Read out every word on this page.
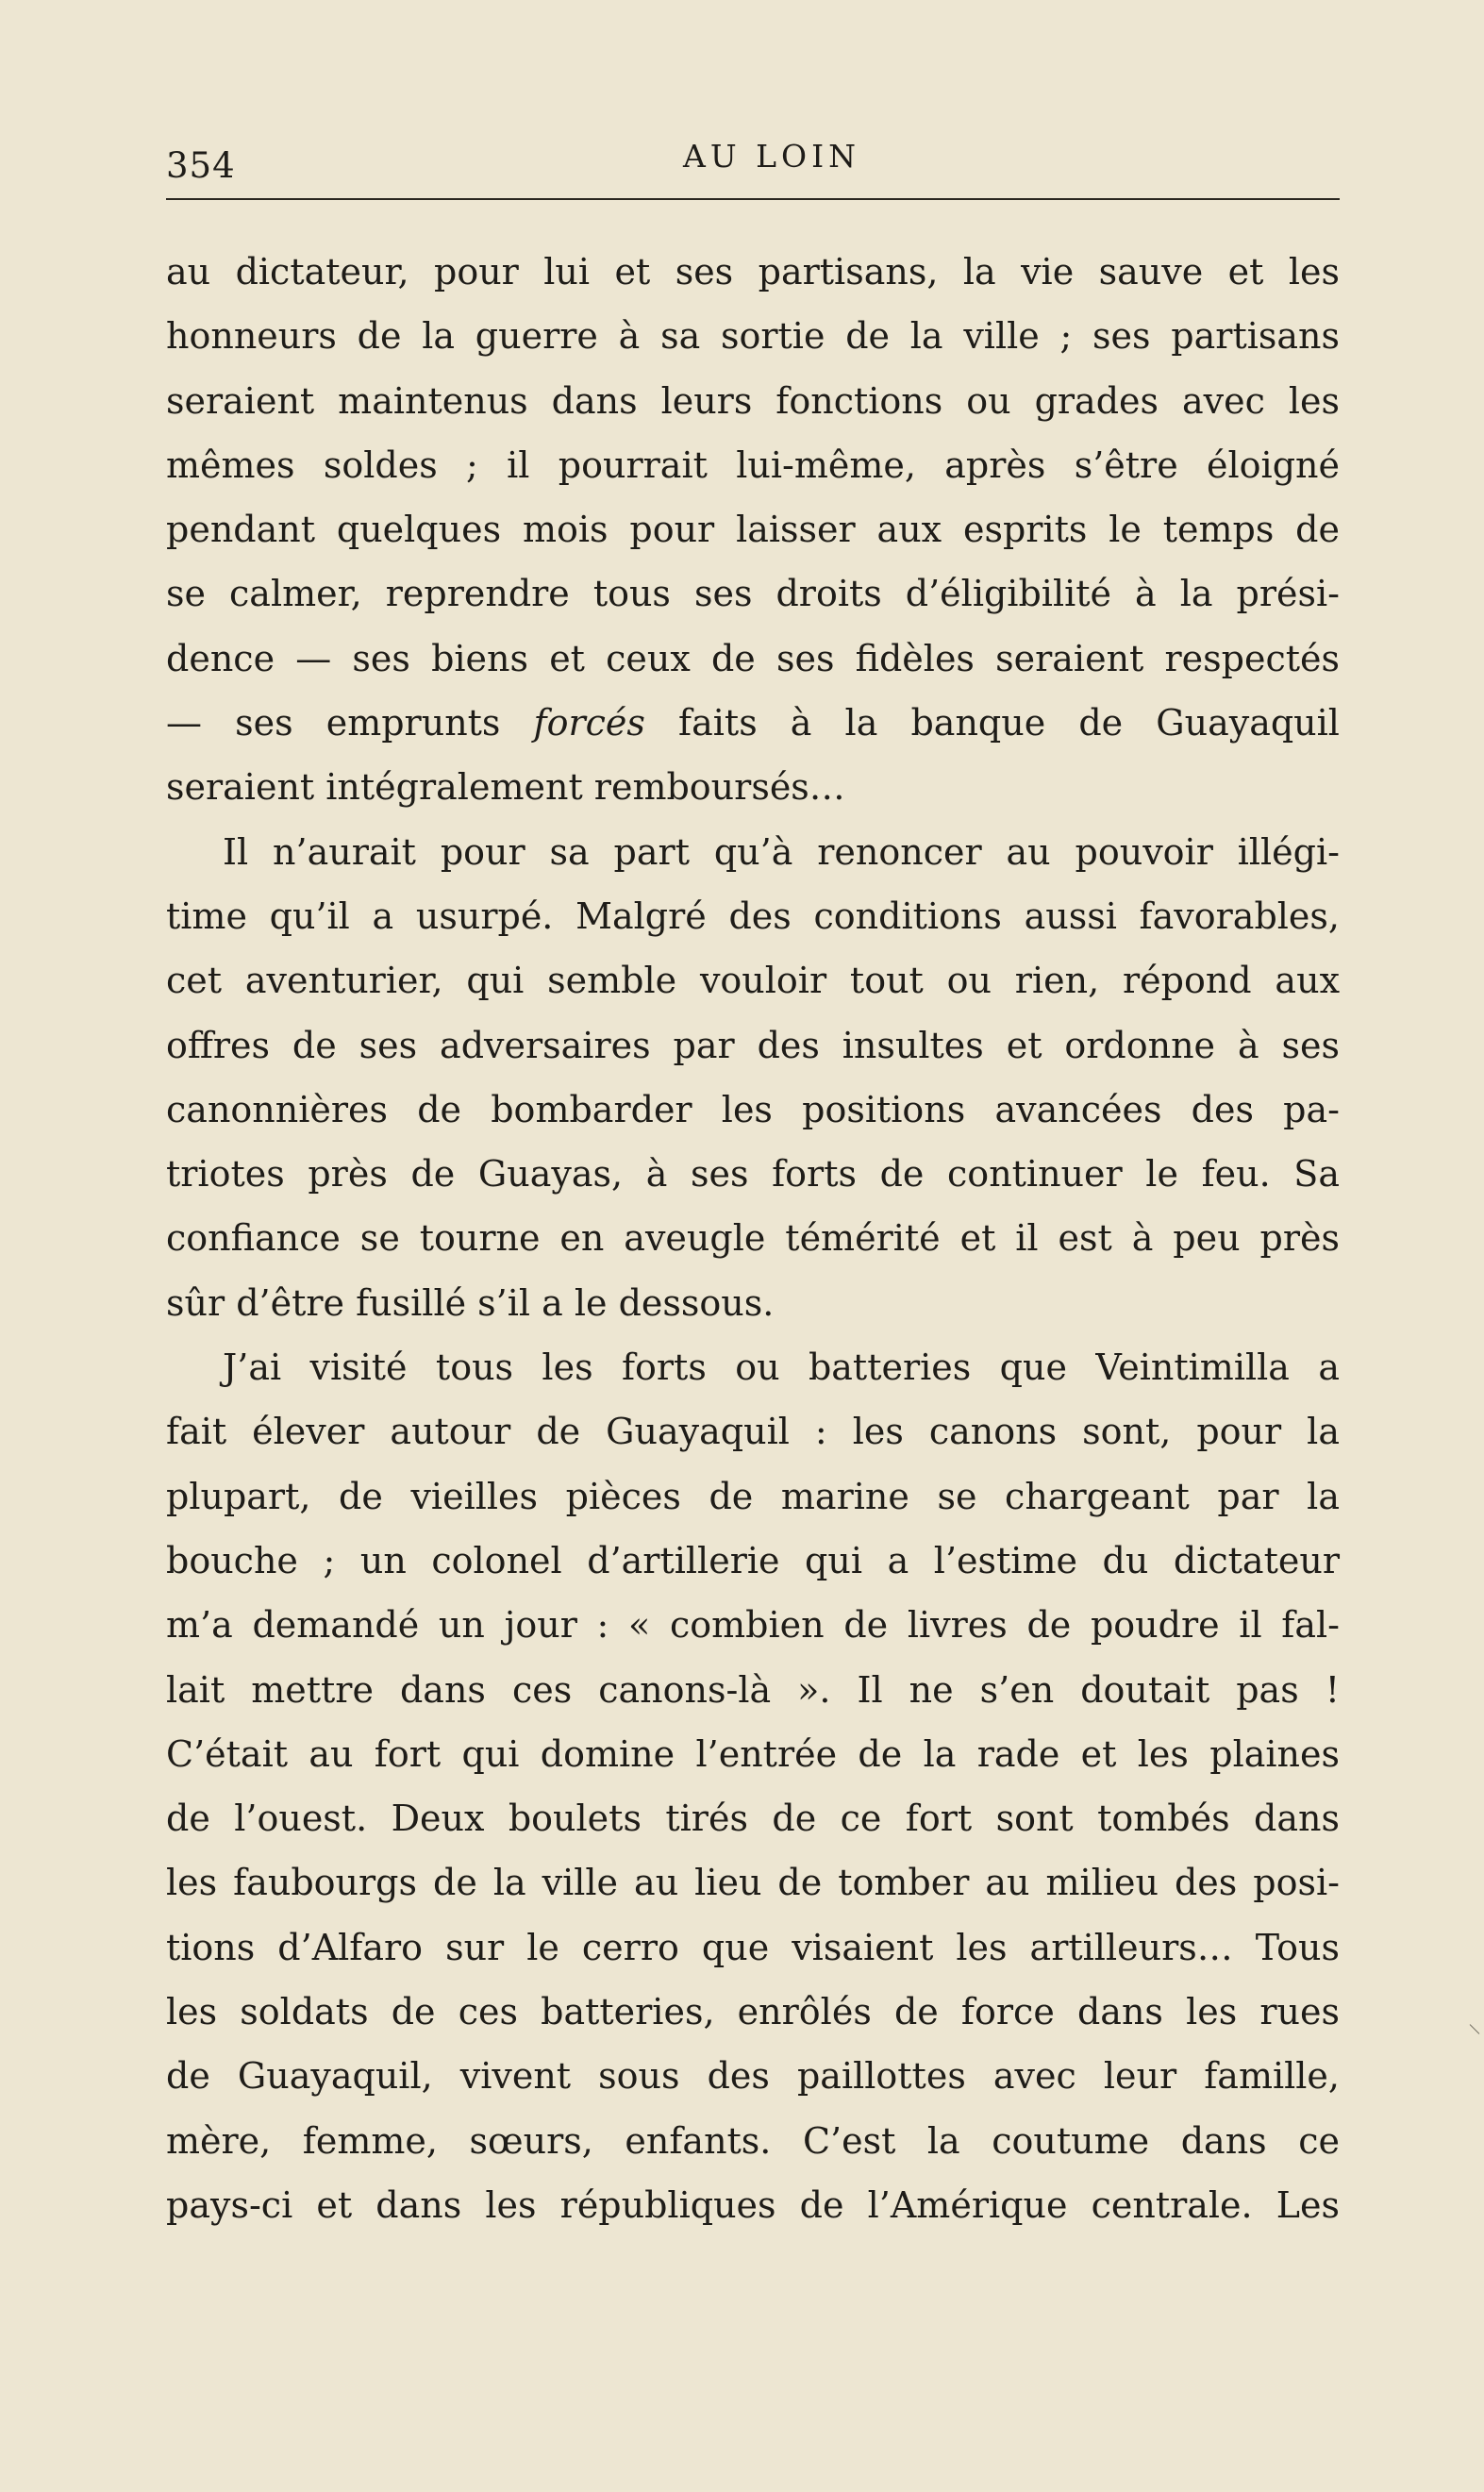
354	AU LOIN
au dictateur, pour lui et ses partisans, la vie sauve et les
honneurs de la guerre à sa sortie de la ville ; ses partisans
seraient maintenus dans leurs fonctions ou grades avec les
mêmes soldes ; il pourrait lui-même, après s’être éloigné
pendant quelques mois pour laisser aux esprits le temps de
se calmer, reprendre tous ses droits d’éligibilité à la prési-
dence — ses biens et ceux de ses fidèles seraient respectés
— ses emprunts forcés faits à la banque de Guayaquil
seraient intégralement remboursés…
Il n’aurait pour sa part qu’à renoncer au pouvoir illégi-
time qu’il a usurpé. Malgré des conditions aussi favorables,
cet aventurier, qui semble vouloir tout ou rien, répond aux
offres de ses adversaires par des insultes et ordonne à ses
canonnières de bombarder les positions avancées des pa-
triotes près de Guayas, à ses forts de continuer le feu. Sa
confiance se tourne en aveugle témérité et il est à peu près
sûr d’être fusillé s’il a le dessous.
J’ai visité tous les forts ou batteries que Veintimilla a
fait élever autour de Guayaquil : les canons sont, pour la
plupart, de vieilles pièces de marine se chargeant par la
bouche ; un colonel d’artillerie qui a l’estime du dictateur
m’a demandé un jour : « combien de livres de poudre il fal-
lait mettre dans ces canons-là ». Il ne s’en doutait pas !
C’était au fort qui domine l’entrée de la rade et les plaines
de l’ouest. Deux boulets tirés de ce fort sont tombés dans
les faubourgs de la ville au lieu de tomber au milieu des posi-
tions d’Alfaro sur le cerro que visaient les artilleurs… Tous
les soldats de ces batteries, enrôlés de force dans les rues
de Guayaquil, vivent sous des paillottes avec leur famille,
mère, femme, sœurs, enfants. C’est la coutume dans ce
pays-ci et dans les républiques de l’Amérique centrale. Les
